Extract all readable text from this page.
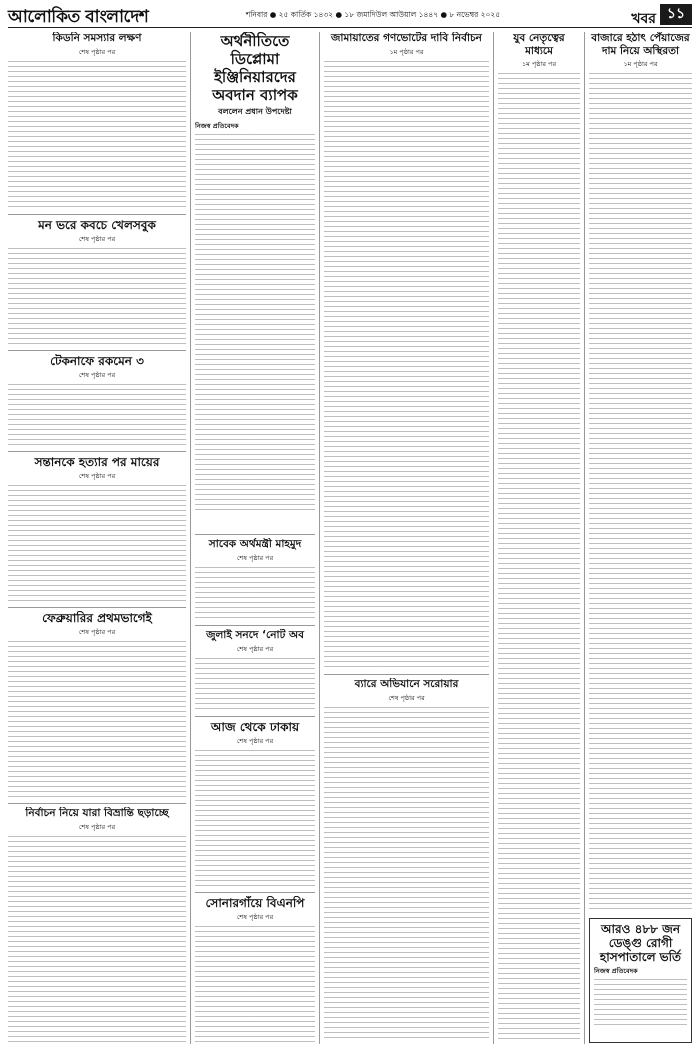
আলোকিত বাংলাদেশ	শনিবার ● ২৫ কার্তিক ১৪৩২ ● ১৮ জমাদিউল আউয়াল ১৪৪৭ ● ৮ নভেম্বর ২০২৫	খবর ১১
কিডনি সমস্যার লক্ষণ
শেষ পৃষ্ঠার পর
মন ভরে কবচে খেলসবুক
শেষ পৃষ্ঠার পর
টেকনাফে রকমেন ৩
শেষ পৃষ্ঠার পর
সন্তানকে হত্যার পর মায়ের
শেষ পৃষ্ঠার পর
ফেব্রুয়ারির প্রথমভাগেই
শেষ পৃষ্ঠার পর
নির্বাচন নিয়ে যারা বিভ্রান্তি ছড়াচ্ছে
শেষ পৃষ্ঠার পর
অর্থনীতিতে ডিপ্লোমা ইঞ্জিনিয়ারদের অবদান ব্যাপক
বললেন প্রধান উপদেষ্টা
নিজস্ব প্রতিবেদক
সাবেক অর্থমন্ত্রী মাহমুদ
শেষ পৃষ্ঠার পর
জুলাই সনদে ‘নোট অব
শেষ পৃষ্ঠার পর
আজ থেকে ঢাকায়
শেষ পৃষ্ঠার পর
সোনারগাঁয়ে বিএনপি
শেষ পৃষ্ঠার পর
জামায়াতের গণভোটের দাবি নির্বাচন
১ম পৃষ্ঠার পর
ব্যারে অভিযানে সরোয়ার
শেষ পৃষ্ঠার পর
যুব নেতৃত্বের মাধ্যমে
১ম পৃষ্ঠার পর
বাজারে হঠাৎ পেঁয়াজের দাম নিয়ে অস্থিরতা
১ম পৃষ্ঠার পর
আরও ৪৮৮ জন ডেঙ্গু রোগী হাসপাতালে ভর্তি
নিজস্ব প্রতিবেদক
